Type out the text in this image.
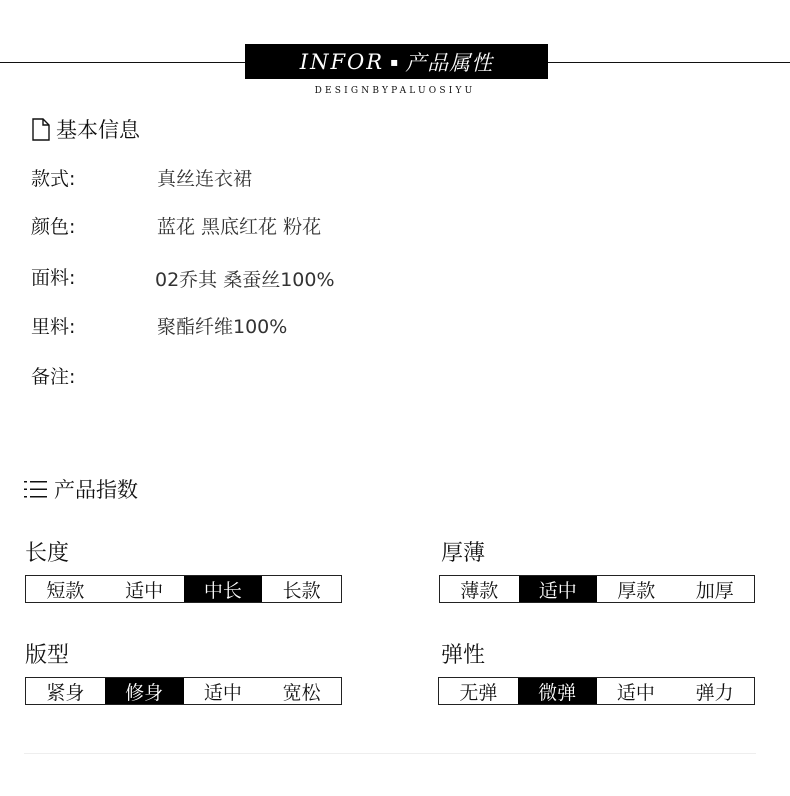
INFOR ▪ 产品属性
DESIGNBYPALUOSIYU
基本信息
款式:	真丝连衣裙
颜色:	蓝花 黑底红花 粉花
面料:	02乔其 桑蚕丝100%
里料:	聚酯纤维100%
备注:
产品指数
长度
短款	适中	中长	长款
厚薄
薄款	适中	厚款	加厚
版型
紧身	修身	适中	宽松
弹性
无弹	微弹	适中	弹力
